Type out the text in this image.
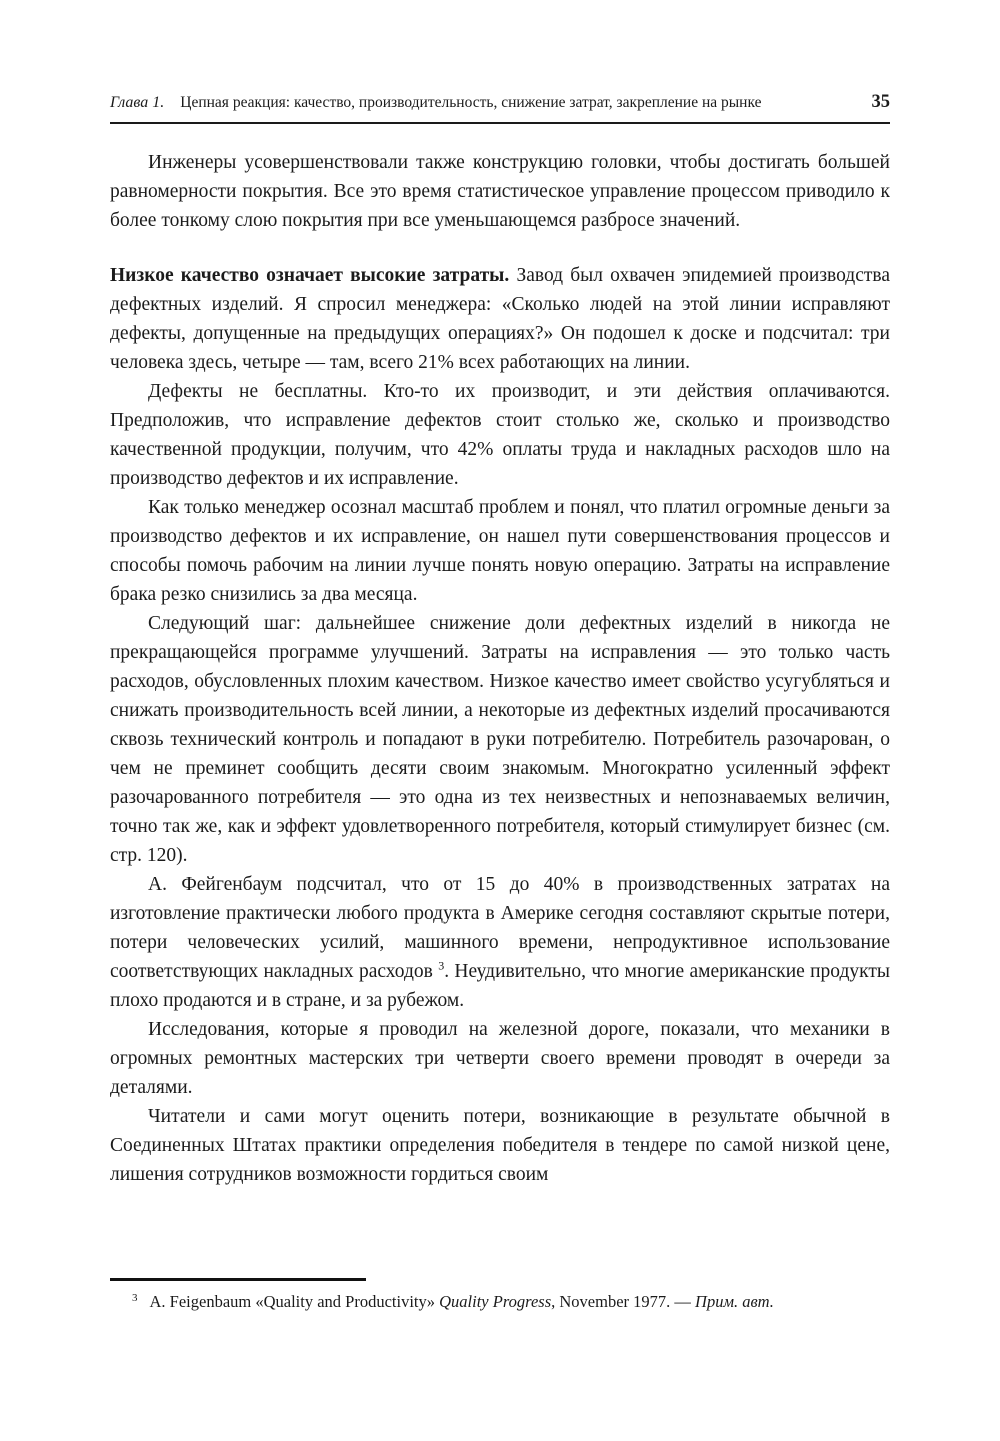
Глава 1. Цепная реакция: качество, производительность, снижение затрат, закрепление на рынке	35

Инженеры усовершенствовали также конструкцию головки, чтобы достигать большей равномерности покрытия. Все это время статистическое управление процессом приводило к более тонкому слою покрытия при все уменьшающемся разбросе значений.

Низкое качество означает высокие затраты. Завод был охвачен эпидемией производства дефектных изделий. Я спросил менеджера: «Сколько людей на этой линии исправляют дефекты, допущенные на предыдущих операциях?» Он подошел к доске и подсчитал: три человека здесь, четыре — там, всего 21% всех работающих на линии.

Дефекты не бесплатны. Кто-то их производит, и эти действия оплачиваются. Предположив, что исправление дефектов стоит столько же, сколько и производство качественной продукции, получим, что 42% оплаты труда и накладных расходов шло на производство дефектов и их исправление.

Как только менеджер осознал масштаб проблем и понял, что платил огромные деньги за производство дефектов и их исправление, он нашел пути совершенствования процессов и способы помочь рабочим на линии лучше понять новую операцию. Затраты на исправление брака резко снизились за два месяца.

Следующий шаг: дальнейшее снижение доли дефектных изделий в никогда не прекращающейся программе улучшений. Затраты на исправления — это только часть расходов, обусловленных плохим качеством. Низкое качество имеет свойство усугубляться и снижать производительность всей линии, а некоторые из дефектных изделий просачиваются сквозь технический контроль и попадают в руки потребителю. Потребитель разочарован, о чем не преминет сообщить десяти своим знакомым. Многократно усиленный эффект разочарованного потребителя — это одна из тех неизвестных и непознаваемых величин, точно так же, как и эффект удовлетворенного потребителя, который стимулирует бизнес (см. стр. 120).

А. Фейгенбаум подсчитал, что от 15 до 40% в производственных затратах на изготовление практически любого продукта в Америке сегодня составляют скрытые потери, потери человеческих усилий, машинного времени, непродуктивное использование соответствующих накладных расходов $^3$. Неудивительно, что многие американские продукты плохо продаются и в стране, и за рубежом.

Исследования, которые я проводил на железной дороге, показали, что механики в огромных ремонтных мастерских три четверти своего времени проводят в очереди за деталями.

Читатели и сами могут оценить потери, возникающие в результате обычной в Соединенных Штатах практики определения победителя в тендере по самой низкой цене, лишения сотрудников возможности гордиться своим

$^3$ A. Feigenbaum «Quality and Productivity» Quality Progress, November 1977. — Прим. авт.
